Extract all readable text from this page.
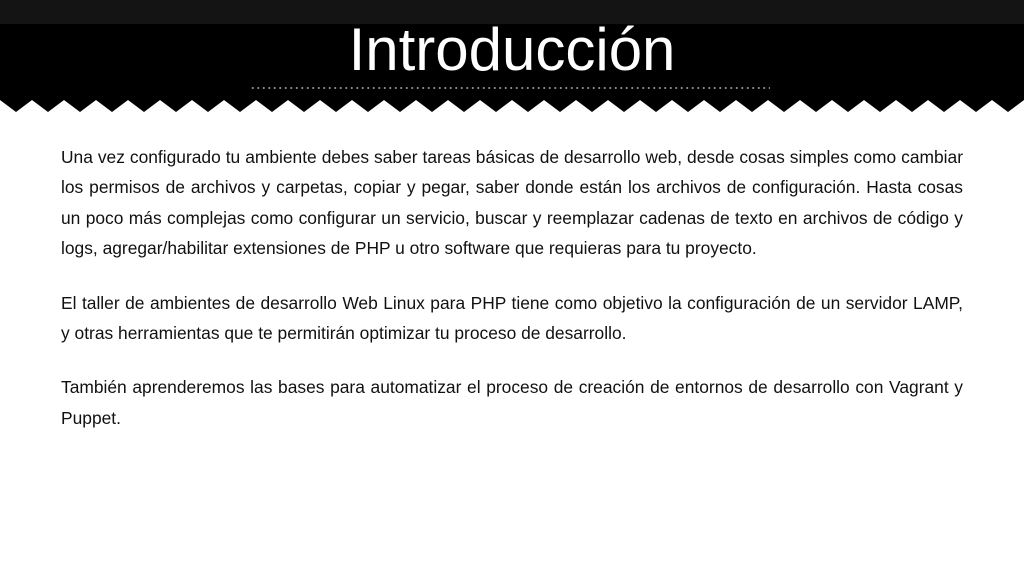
Introducción

Una vez configurado tu ambiente debes saber tareas básicas de desarrollo web, desde cosas simples como cambiar los permisos de archivos y carpetas, copiar y pegar, saber donde están los archivos de configuración. Hasta cosas un poco más complejas como configurar un servicio, buscar y reemplazar cadenas de texto en archivos de código y logs, agregar/habilitar extensiones de PHP u otro software que requieras para tu proyecto.

El taller de ambientes de desarrollo Web Linux para PHP tiene como objetivo la configuración de un servidor LAMP, y otras herramientas que te permitirán optimizar tu proceso de desarrollo.

También aprenderemos las bases para automatizar el proceso de creación de entornos de desarrollo con Vagrant y Puppet.
